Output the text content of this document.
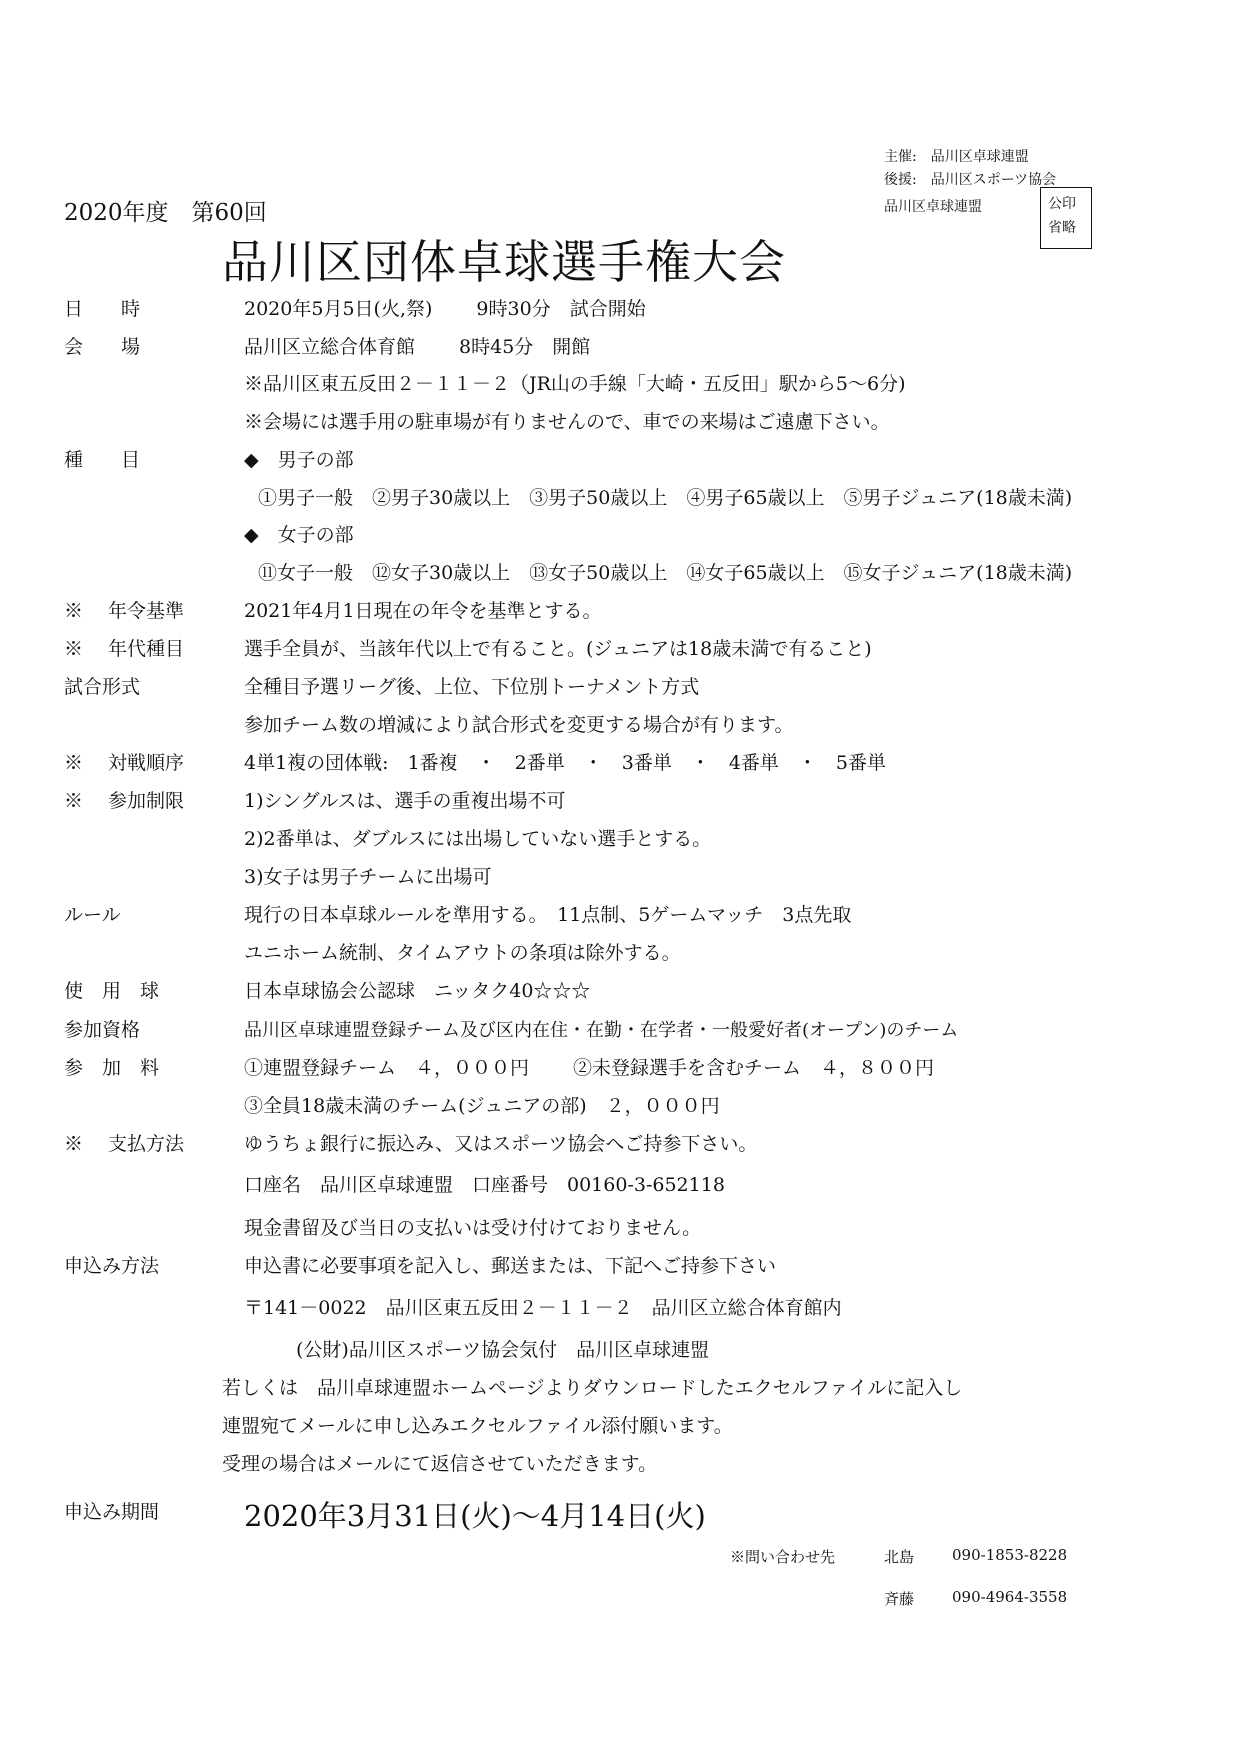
主催:　品川区卓球連盟
後援:　品川区スポーツ協会
品川区卓球連盟	公印
省略
2020年度　第60回
品川区団体卓球選手権大会
日　　時	2020年5月5日(火,祭)　　 9時30分　試合開始
会　　場	品川区立総合体育館　　 8時45分　開館
※品川区東五反田２－１１－２（JR山の手線「大崎・五反田」駅から5～6分)
※会場には選手用の駐車場が有りませんので、車での来場はご遠慮下さい。
種　　目	◆　男子の部
①男子一般　②男子30歳以上　③男子50歳以上　④男子65歳以上　⑤男子ジュニア(18歳未満)
◆　女子の部
⑪女子一般　⑫女子30歳以上　⑬女子50歳以上　⑭女子65歳以上　⑮女子ジュニア(18歳未満)
※　 年令基準	2021年4月1日現在の年令を基準とする。
※　 年代種目	選手全員が、当該年代以上で有ること。(ジュニアは18歳未満で有ること)
試合形式	全種目予選リーグ後、上位、下位別トーナメント方式
参加チーム数の増減により試合形式を変更する場合が有ります。
※　 対戦順序	4単1複の団体戦:　1番複　・　2番単　・　3番単　・　4番単　・　5番単
※　 参加制限	1)シングルスは、選手の重複出場不可
2)2番単は、ダブルスには出場していない選手とする。
3)女子は男子チームに出場可
ルール	現行の日本卓球ルールを準用する。　11点制、5ゲームマッチ　3点先取
ユニホーム統制、タイムアウトの条項は除外する。
使　用　球	日本卓球協会公認球　ニッタク40☆☆☆
参加資格	品川区卓球連盟登録チーム及び区内在住・在勤・在学者・一般愛好者(オープン)のチーム
参　加　料	①連盟登録チーム　４，０００円　　 ②未登録選手を含むチーム　４，８００円
③全員18歳未満のチーム(ジュニアの部)　２，０００円
※　 支払方法	ゆうちょ銀行に振込み、又はスポーツ協会へご持参下さい。
口座名　品川区卓球連盟　口座番号　00160-3-652118
現金書留及び当日の支払いは受け付けておりません。
申込み方法	申込書に必要事項を記入し、郵送または、下記へご持参下さい
〒141－0022　品川区東五反田２－１１－２　品川区立総合体育館内
(公財)品川区スポーツ協会気付　品川区卓球連盟
若しくは　品川卓球連盟ホームページよりダウンロードしたエクセルファイルに記入し
連盟宛てメールに申し込みエクセルファイル添付願います。
受理の場合はメールにて返信させていただきます。
申込み期間	2020年3月31日(火)～4月14日(火)
※問い合わせ先	北島	090-1853-8228
斉藤	090-4964-3558
